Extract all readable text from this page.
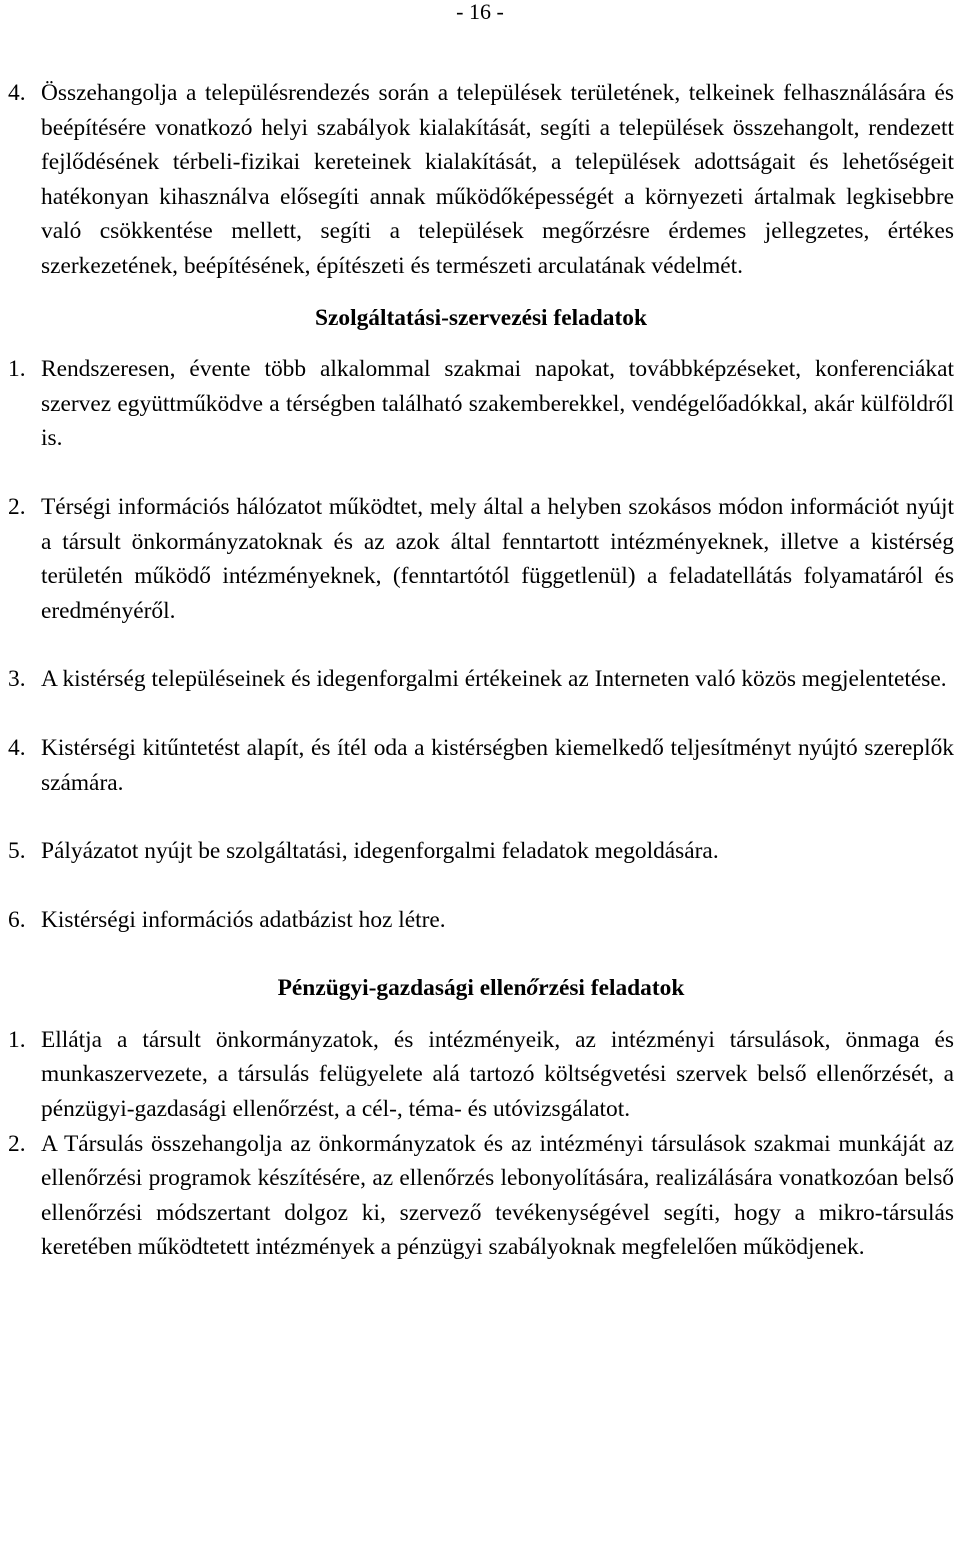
- 16 -
4. Összehangolja a településrendezés során a települések területének, telkeinek felhasználására és beépítésére vonatkozó helyi szabályok kialakítását, segíti a települések összehangolt, rendezett fejlődésének térbeli-fizikai kereteinek kialakítását, a települések adottságait és lehetőségeit hatékonyan kihasználva elősegíti annak működőképességét a környezeti ártalmak legkisebbre való csökkentése mellett, segíti a települések megőrzésre érdemes jellegzetes, értékes szerkezetének, beépítésének, építészeti és természeti arculatának védelmét.
Szolgáltatási-szervezési feladatok
1. Rendszeresen, évente több alkalommal szakmai napokat, továbbképzéseket, konferenciákat szervez együttműködve a térségben található szakemberekkel, vendégelőadókkal, akár külföldről is.
2. Térségi információs hálózatot működtet, mely által a helyben szokásos módon információt nyújt a társult önkormányzatoknak és az azok által fenntartott intézményeknek, illetve a kistérség területén működő intézményeknek, (fenntartótól függetlenül) a feladatellátás folyamatáról és eredményéről.
3. A kistérség településeinek és idegenforgalmi értékeinek az Interneten való közös megjelentetése.
4. Kistérségi kitűntetést alapít, és ítél oda a kistérségben kiemelkedő teljesítményt nyújtó szereplők számára.
5. Pályázatot nyújt be szolgáltatási, idegenforgalmi feladatok megoldására.
6. Kistérségi információs adatbázist hoz létre.
Pénzügyi-gazdasági ellenőrzési feladatok
1. Ellátja a társult önkormányzatok, és intézményeik, az intézményi társulások, önmaga és munkaszervezete, a társulás felügyelete alá tartozó költségvetési szervek belső ellenőrzését, a pénzügyi-gazdasági ellenőrzést, a cél-, téma- és utóvizsgálatot.
2. A Társulás összehangolja az önkormányzatok és az intézményi társulások szakmai munkáját az ellenőrzési programok készítésére, az ellenőrzés lebonyolítására, realizálására vonatkozóan belső ellenőrzési módszertant dolgoz ki, szervező tevékenységével segíti, hogy a mikro-társulás keretében működtetett intézmények a pénzügyi szabályoknak megfelelően működjenek.
